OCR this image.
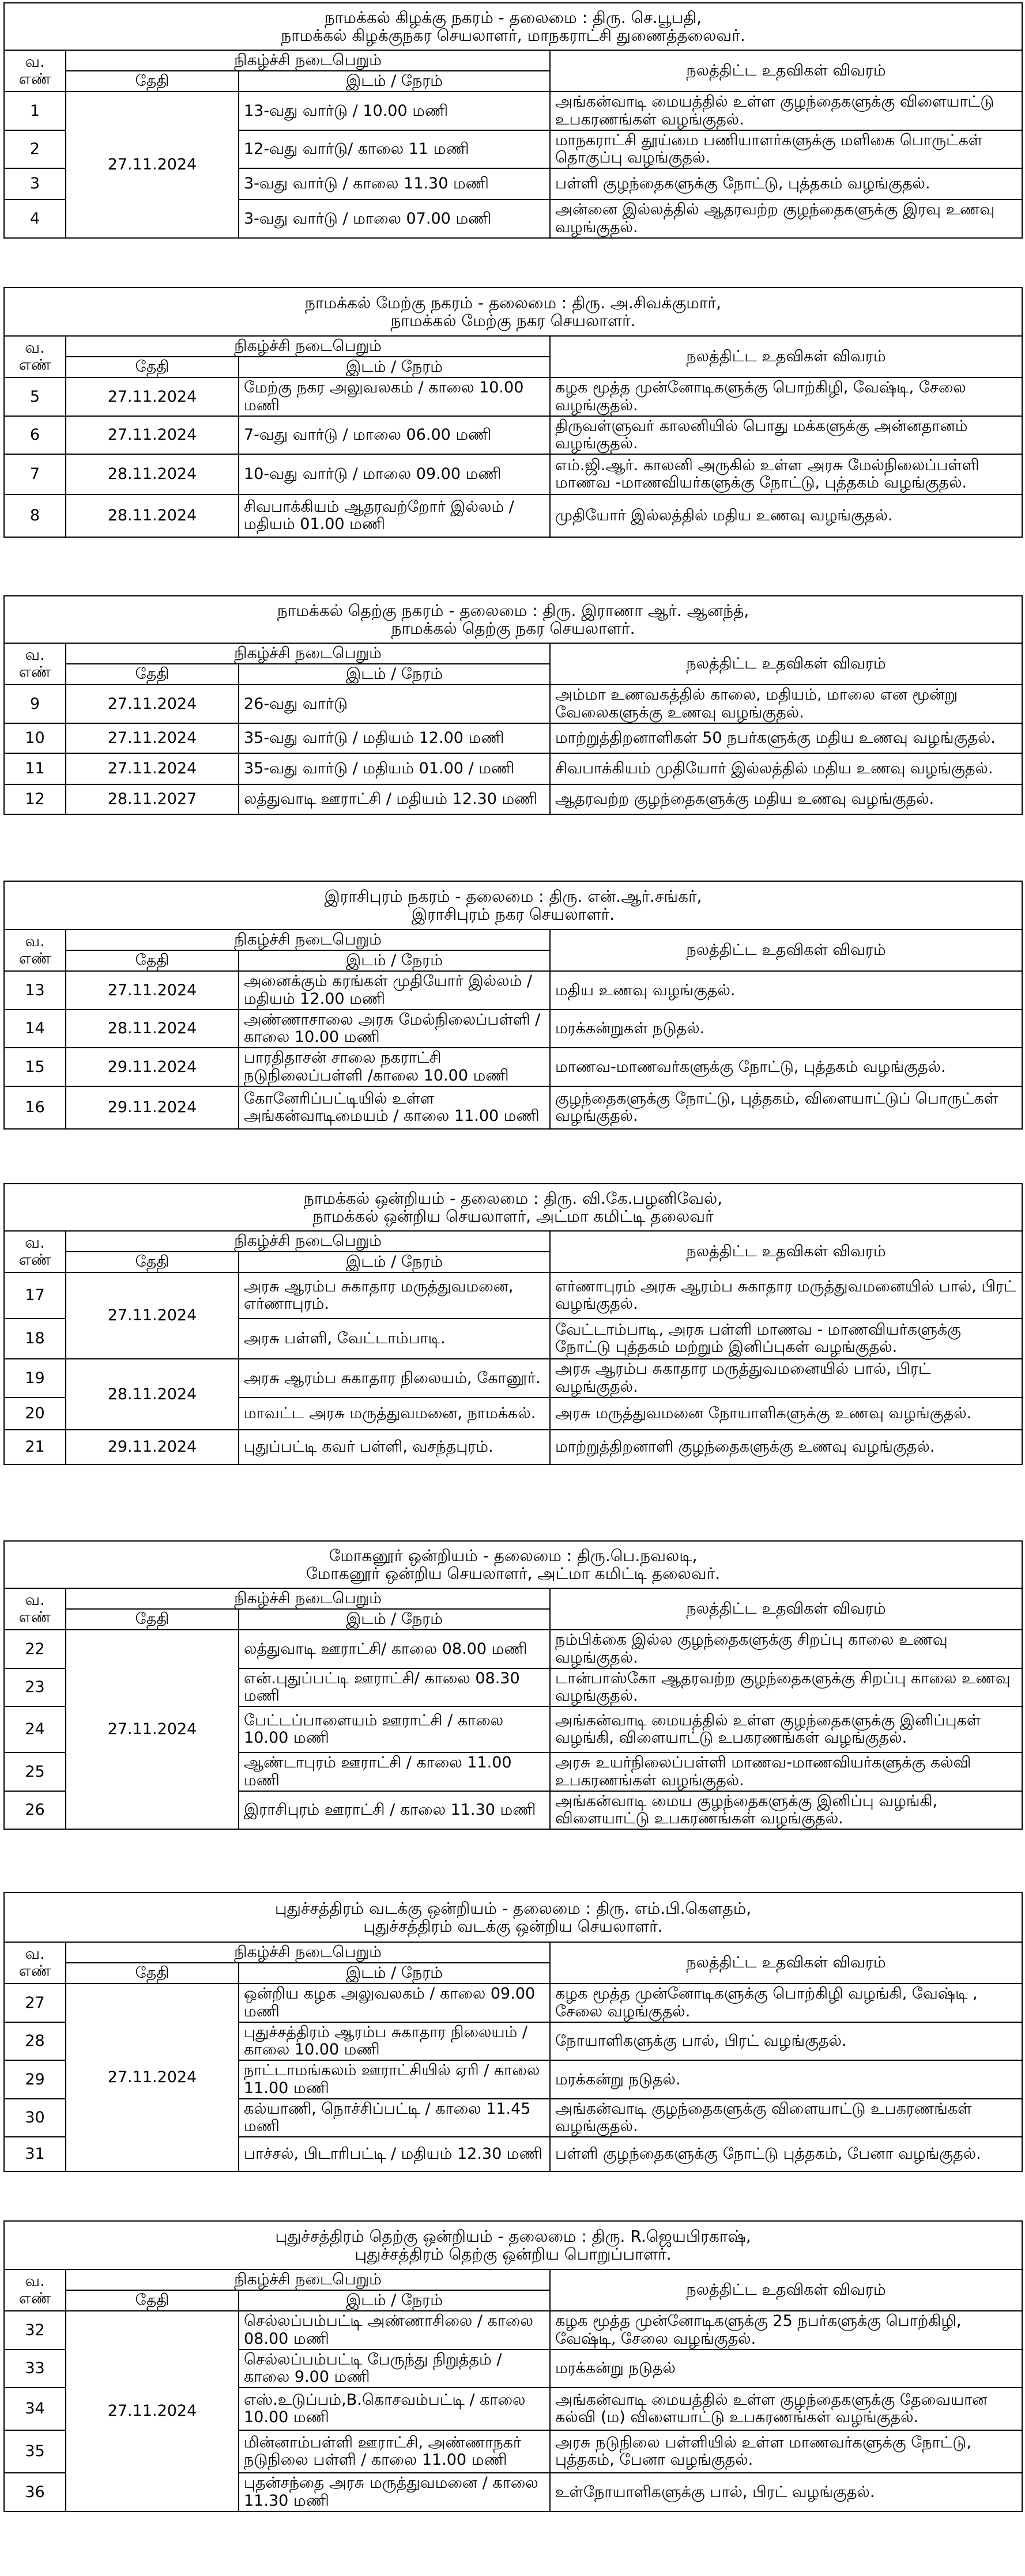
நாமக்கல் கிழக்கு நகரம் - தலைமை : திரு. செ.பூபதி,
நாமக்கல் கிழக்குநகர செயலாளர், மாநகராட்சி துணைத்தலைவர்.			

வ.
எண்	நிகழ்ச்சி நடைபெறும்		நலத்திட்ட உதவிகள் விவரம்
	தேதி	இடம் / நேரம்	
1	27.11.2024	13-வது வார்டு / 10.00 மணி	அங்கன்வாடி மையத்தில் உள்ள குழந்தைகளுக்கு விளையாட்டு உபகரணங்கள் வழங்குதல்.
2		12-வது வார்டு/ காலை 11 மணி	மாநகராட்சி தூய்மை பணியாளர்களுக்கு மளிகை பொருட்கள் தொகுப்பு வழங்குதல்.
3		3-வது வார்டு / காலை 11.30 மணி	பள்ளி குழந்தைகளுக்கு நோட்டு, புத்தகம் வழங்குதல்.
4		3-வது வார்டு / மாலை 07.00 மணி	அன்னை இல்லத்தில் ஆதரவற்ற குழந்தைகளுக்கு இரவு உணவு வழங்குதல்.
நாமக்கல் மேற்கு நகரம் - தலைமை : திரு. அ.சிவக்குமார்,
நாமக்கல் மேற்கு நகர செயலாளர்.			

வ.
எண்	நிகழ்ச்சி நடைபெறும்		நலத்திட்ட உதவிகள் விவரம்
	தேதி	இடம் / நேரம்	
5	27.11.2024	மேற்கு நகர அலுவலகம் / காலை 10.00 மணி	கழக மூத்த முன்னோடிகளுக்கு பொற்கிழி, வேஷ்டி, சேலை வழங்குதல்.
6	27.11.2024	7-வது வார்டு / மாலை 06.00 மணி	திருவள்ளுவர் காலனியில் பொது மக்களுக்கு அன்னதானம் வழங்குதல்.
7	28.11.2024	10-வது வார்டு / மாலை 09.00 மணி	எம்.ஜி.ஆர். காலனி அருகில் உள்ள அரசு மேல்நிலைப்பள்ளி மாணவ -மாணவியர்களுக்கு நோட்டு, புத்தகம் வழங்குதல்.
8	28.11.2024	சிவபாக்கியம் ஆதரவற்றோர் இல்லம் / மதியம் 01.00 மணி	முதியோர் இல்லத்தில் மதிய உணவு வழங்குதல்.
நாமக்கல் தெற்கு நகரம் - தலைமை : திரு. இராணா ஆர். ஆனந்த்,
நாமக்கல் தெற்கு நகர செயலாளர்.			

வ.
எண்	நிகழ்ச்சி நடைபெறும்		நலத்திட்ட உதவிகள் விவரம்
	தேதி	இடம் / நேரம்	
9	27.11.2024	26-வது வார்டு	அம்மா உணவகத்தில் காலை, மதியம், மாலை என மூன்று வேலைகளுக்கு உணவு வழங்குதல்.
10	27.11.2024	35-வது வார்டு / மதியம் 12.00 மணி	மாற்றுத்திறனாளிகள் 50 நபர்களுக்கு மதிய உணவு வழங்குதல்.
11	27.11.2024	35-வது வார்டு / மதியம் 01.00 / மணி	சிவபாக்கியம் முதியோர் இல்லத்தில் மதிய உணவு வழங்குதல்.
12	28.11.2027	லத்துவாடி ஊராட்சி / மதியம் 12.30 மணி	ஆதரவற்ற குழந்தைகளுக்கு மதிய உணவு வழங்குதல்.
இராசிபுரம் நகரம் - தலைமை : திரு. என்.ஆர்.சங்கர்,
இராசிபுரம் நகர செயலாளர்.			

வ.
எண்	நிகழ்ச்சி நடைபெறும்		நலத்திட்ட உதவிகள் விவரம்
	தேதி	இடம் / நேரம்	
13	27.11.2024	அனைக்கும் கரங்கள் முதியோர் இல்லம் / மதியம் 12.00 மணி	மதிய உணவு வழங்குதல்.
14	28.11.2024	அண்ணாசாலை அரசு மேல்நிலைப்பள்ளி / காலை 10.00 மணி	மரக்கன்றுகள் நடுதல்.
15	29.11.2024	பாரதிதாசன் சாலை நகராட்சி நடுநிலைப்பள்ளி /காலை 10.00 மணி	மாணவ-மாணவர்களுக்கு நோட்டு, புத்தகம் வழங்குதல்.
16	29.11.2024	கோனேரிப்பட்டியில் உள்ள அங்கன்வாடிமையம் / காலை 11.00 மணி	குழந்தைகளுக்கு நோட்டு, புத்தகம், விளையாட்டுப் பொருட்கள் வழங்குதல்.
நாமக்கல் ஒன்றியம் - தலைமை : திரு. வி.கே.பழனிவேல்,
நாமக்கல் ஒன்றிய செயலாளர், அட்மா கமிட்டி தலைவர்			

வ.
எண்	நிகழ்ச்சி நடைபெறும்		நலத்திட்ட உதவிகள் விவரம்
	தேதி	இடம் / நேரம்	
17	27.11.2024	அரசு ஆரம்ப சுகாதார மருத்துவமனை, எர்ணாபுரம்.	எர்ணாபுரம் அரசு ஆரம்ப சுகாதார மருத்துவமனையில் பால், பிரட் வழங்குதல்.
18		அரசு பள்ளி, வேட்டாம்பாடி.	வேட்டாம்பாடி, அரசு பள்ளி மாணவ - மாணவியர்களுக்கு நோட்டு புத்தகம் மற்றும் இனிப்புகள் வழங்குதல்.
19	28.11.2024	அரசு ஆரம்ப சுகாதார நிலையம், கோனூர்.	அரசு ஆரம்ப சுகாதார மருத்துவமனையில் பால், பிரட் வழங்குதல்.
20		மாவட்ட அரசு மருத்துவமனை, நாமக்கல்.	அரசு மருத்துவமனை நோயாளிகளுக்கு உணவு வழங்குதல்.
21	29.11.2024	புதுப்பட்டி கவர் பள்ளி, வசந்தபுரம்.	மாற்றுத்திறனாளி குழந்தைகளுக்கு உணவு வழங்குதல்.
மோகனூர் ஒன்றியம் - தலைமை : திரு.பெ.நவலடி,
மோகனூர் ஒன்றிய செயலாளர், அட்மா கமிட்டி தலைவர்.			

வ.
எண்	நிகழ்ச்சி நடைபெறும்		நலத்திட்ட உதவிகள் விவரம்
	தேதி	இடம் / நேரம்	
22	27.11.2024	லத்துவாடி ஊராட்சி/ காலை 08.00 மணி	நம்பிக்கை இல்ல குழந்தைகளுக்கு சிறப்பு காலை உணவு வழங்குதல்.
23		என்.புதுப்பட்டி ஊராட்சி/ காலை 08.30 மணி	டான்பாஸ்கோ ஆதரவற்ற குழந்தைகளுக்கு சிறப்பு காலை உணவு வழங்குதல்.
24		பேட்டப்பாளையம் ஊராட்சி / காலை 10.00 மணி	அங்கன்வாடி மையத்தில் உள்ள குழந்தைகளுக்கு இனிப்புகள் வழங்கி, விளையாட்டு உபகரணங்கள் வழங்குதல்.
25		ஆண்டாபுரம் ஊராட்சி / காலை 11.00 மணி	அரசு உயர்நிலைப்பள்ளி மாணவ-மாணவியர்களுக்கு கல்வி உபகரணங்கள் வழங்குதல்.
26		இராசிபுரம் ஊராட்சி / காலை 11.30 மணி	அங்கன்வாடி மைய குழந்தைகளுக்கு இனிப்பு வழங்கி, விளையாட்டு உபகரணங்கள் வழங்குதல்.
புதுச்சத்திரம் வடக்கு ஒன்றியம் - தலைமை : திரு. எம்.பி.கௌதம்,
புதுச்சத்திரம் வடக்கு ஒன்றிய செயலாளர்.			

வ.
எண்	நிகழ்ச்சி நடைபெறும்		நலத்திட்ட உதவிகள் விவரம்
	தேதி	இடம் / நேரம்	
27	27.11.2024	ஒன்றிய கழக அலுவலகம் / காலை 09.00 மணி	கழக மூத்த முன்னோடிகளுக்கு பொற்கிழி வழங்கி, வேஷ்டி , சேலை வழங்குதல்.
28		புதுச்சத்திரம் ஆரம்ப சுகாதார நிலையம் / காலை 10.00 மணி	நோயாளிகளுக்கு பால், பிரட் வழங்குதல்.
29		நாட்டாமங்கலம் ஊராட்சியில் ஏரி / காலை 11.00 மணி	மரக்கன்று நடுதல்.
30		கல்யாணி, நொச்சிப்பட்டி / காலை 11.45 மணி	அங்கன்வாடி குழந்தைகளுக்கு விளையாட்டு உபகரணங்கள் வழங்குதல்.
31		பாச்சல், பிடாரிபட்டி / மதியம் 12.30 மணி	பள்ளி குழந்தைகளுக்கு நோட்டு புத்தகம், பேனா வழங்குதல்.
புதுச்சத்திரம் தெற்கு ஒன்றியம் - தலைமை : திரு. R.ஜெயபிரகாஷ்,
புதுச்சத்திரம் தெற்கு ஒன்றிய பொறுப்பாளர்.			

வ.
எண்	நிகழ்ச்சி நடைபெறும்		நலத்திட்ட உதவிகள் விவரம்
	தேதி	இடம் / நேரம்	
32	27.11.2024	செல்லப்பம்பட்டி அண்ணாசிலை / காலை 08.00 மணி	கழக மூத்த முன்னோடிகளுக்கு 25 நபர்களுக்கு பொற்கிழி, வேஷ்டி, சேலை வழங்குதல்.
33		செல்லப்பம்பட்டி பேருந்து நிறுத்தம் / காலை 9.00 மணி	மரக்கன்று நடுதல்
34		எஸ்.உடுப்பம்,B.கொசவம்பட்டி / காலை 10.00 மணி	அங்கன்வாடி மையத்தில் உள்ள குழந்தைகளுக்கு தேவையான கல்வி (ம) விளையாட்டு உபகரணங்கள் வழங்குதல்.
35		மின்னாம்பள்ளி ஊராட்சி, அண்ணாநகர் நடுநிலை பள்ளி / காலை 11.00 மணி	அரசு நடுநிலை பள்ளியில் உள்ள மாணவர்களுக்கு நோட்டு, புத்தகம், பேனா வழங்குதல்.
36		புதன்சந்தை அரசு மருத்துவமனை / காலை 11.30 மணி	உள்நோயாளிகளுக்கு பால், பிரட் வழங்குதல்.
